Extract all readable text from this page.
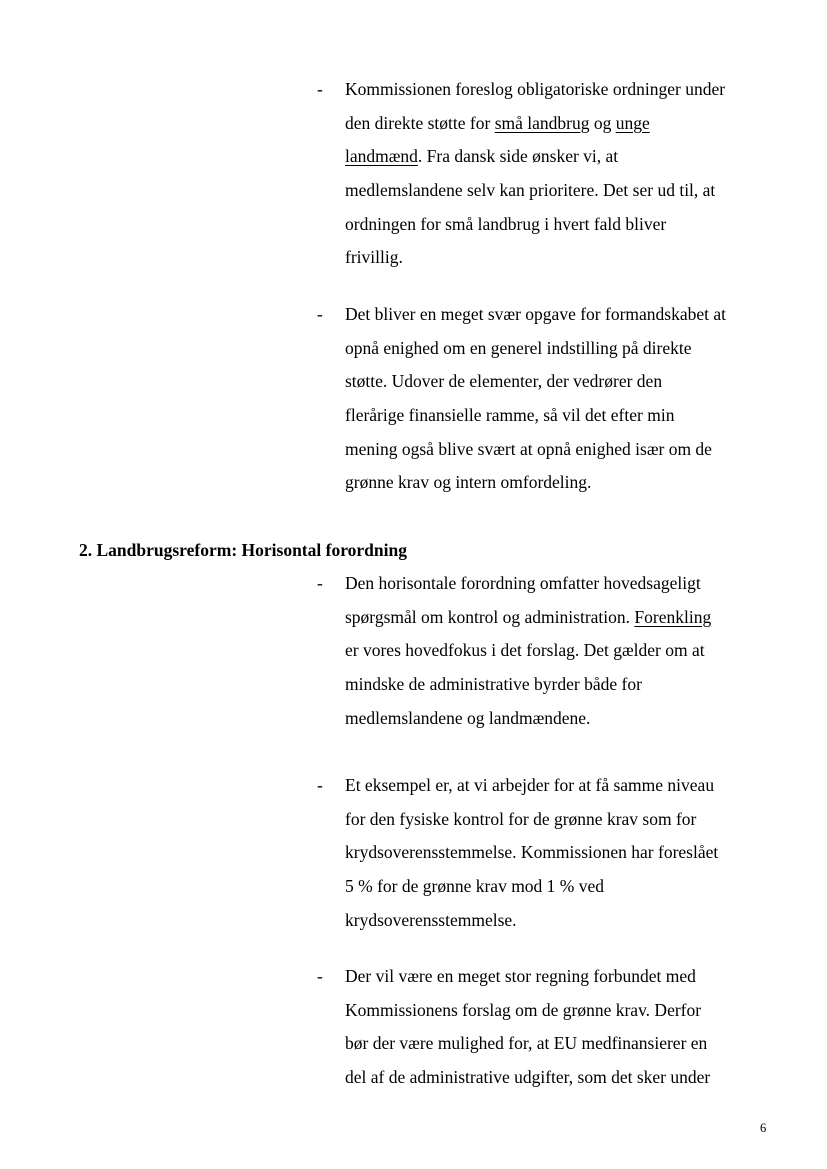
- Kommissionen foreslog obligatoriske ordninger under
den direkte støtte for små landbrug og unge
landmænd. Fra dansk side ønsker vi, at
medlemslandene selv kan prioritere. Det ser ud til, at
ordningen for små landbrug i hvert fald bliver
frivillig.
- Det bliver en meget svær opgave for formandskabet at
opnå enighed om en generel indstilling på direkte
støtte. Udover de elementer, der vedrører den
flerårige finansielle ramme, så vil det efter min
mening også blive svært at opnå enighed især om de
grønne krav og intern omfordeling.
2. Landbrugsreform: Horisontal forordning
- Den horisontale forordning omfatter hovedsageligt
spørgsmål om kontrol og administration. Forenkling
er vores hovedfokus i det forslag. Det gælder om at
mindske de administrative byrder både for
medlemslandene og landmændene.
- Et eksempel er, at vi arbejder for at få samme niveau
for den fysiske kontrol for de grønne krav som for
krydsoverensstemmelse. Kommissionen har foreslået
5 % for de grønne krav mod 1 % ved
krydsoverensstemmelse.
- Der vil være en meget stor regning forbundet med
Kommissionens forslag om de grønne krav. Derfor
bør der være mulighed for, at EU medfinansierer en
del af de administrative udgifter, som det sker under
6
